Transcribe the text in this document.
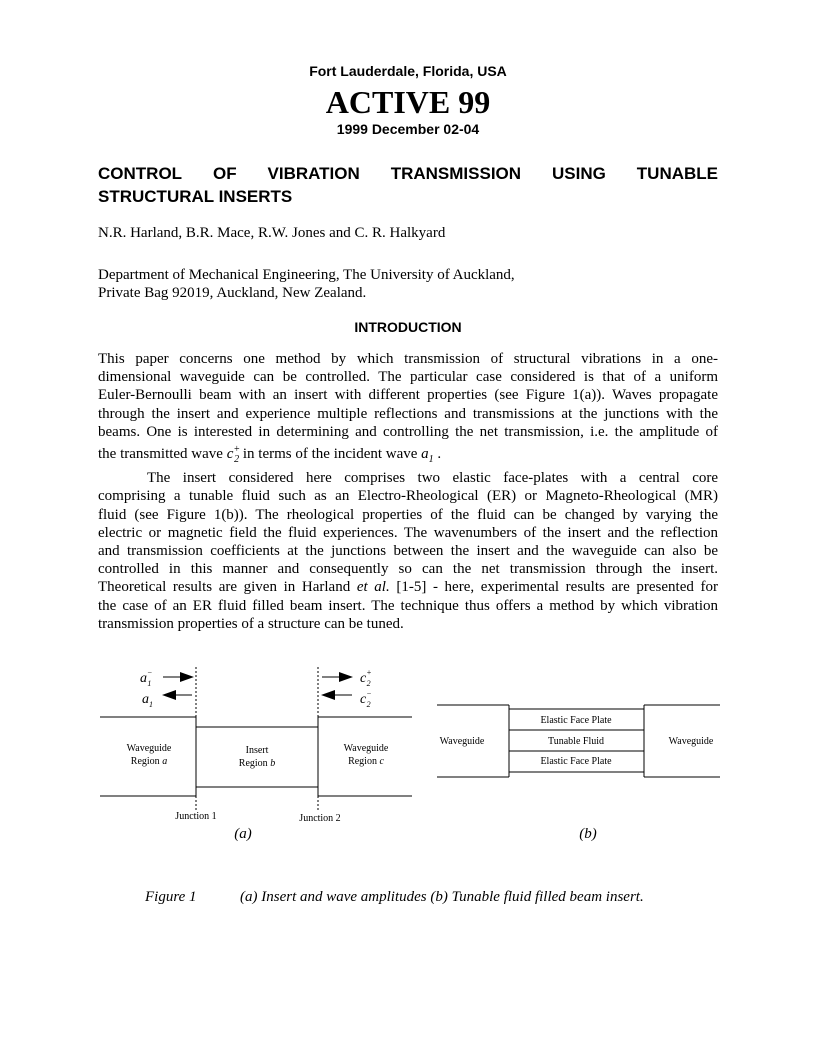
Fort Lauderdale, Florida, USA
ACTIVE 99
1999 December 02-04
CONTROL OF VIBRATION TRANSMISSION USING TUNABLE
STRUCTURAL INSERTS
N.R. Harland, B.R. Mace, R.W. Jones and C. R. Halkyard
Department of Mechanical Engineering, The University of Auckland,
Private Bag 92019, Auckland, New Zealand.
INTRODUCTION
This paper concerns one method by which transmission of structural vibrations in a one-
dimensional waveguide can be controlled. The particular case considered is that of a uniform
Euler-Bernoulli beam with an insert with different properties (see Figure 1(a)). Waves propagate
through the insert and experience multiple reflections and transmissions at the junctions with the
beams. One is interested in determining and controlling the net transmission, i.e. the amplitude of
the transmitted wave $c^+_2$ in terms of the incident wave $a_1$ .
The insert considered here comprises two elastic face-plates with a central core
comprising a tunable fluid such as an Electro-Rheological (ER) or Magneto-Rheological (MR)
fluid (see Figure 1(b)). The rheological properties of the fluid can be changed by varying the
electric or magnetic field the fluid experiences. The wavenumbers of the insert and the reflection
and transmission coefficients at the junctions between the insert and the waveguide can also be
controlled in this manner and consequently so can the net transmission through the insert.
Theoretical results are given in Harland et al. [1-5] - here, experimental results are presented for
the case of an ER fluid filled beam insert. The technique thus offers a method by which vibration
transmission properties of a structure can be tuned.
a− 1
$a_1$
c+ 2
c− 2
Waveguide
Region a
Insert
Region b
Waveguide
Region c
Junction 1	Junction 2
(a)
Elastic Face Plate
Tunable Fluid
Elastic Face Plate
Waveguide	Waveguide
(b)
Figure 1	(a) Insert and wave amplitudes (b) Tunable fluid filled beam insert.
